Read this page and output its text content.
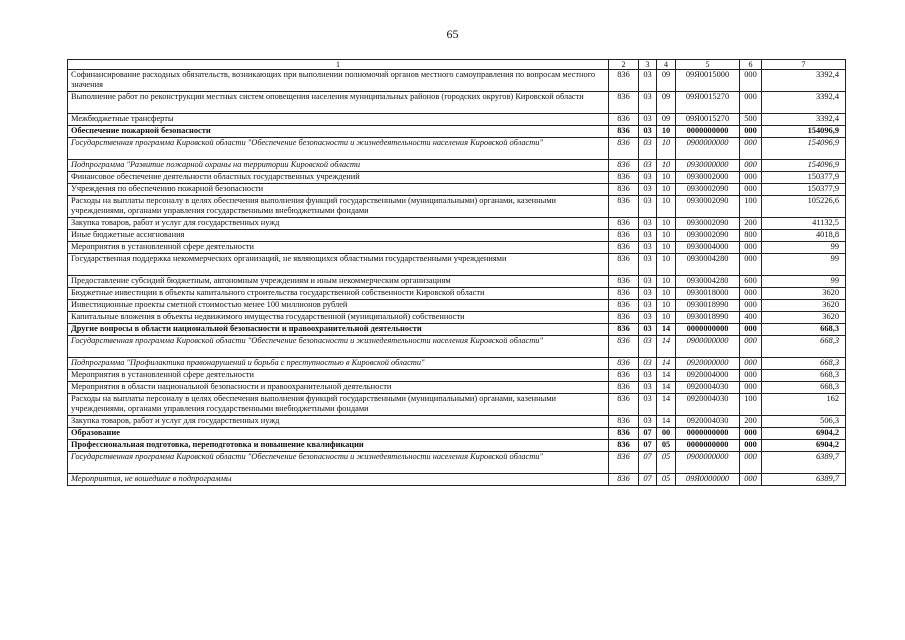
65
1	2	3	4	5	6	7
Софинансирование расходных обязательств, возникающих при выполнении полномочий органов местного самоуправления по вопросам местного значения	836	03	09	09Я0015000	000	3392,4
Выполнение работ по реконструкции местных систем оповещения населения муниципальных районов (городских округов) Кировской области	836	03	09	09Я0015270	000	3392,4
Межбюджетные трансферты	836	03	09	09Я0015270	500	3392,4
Обеспечение пожарной безопасности	836	03	10	0000000000	000	154096,9
Государственная программа Кировской области "Обеспечение безопасности и жизнедеятельности населения Кировской области"	836	03	10	0900000000	000	154096,9
Подпрограмма "Развитие пожарной охраны на территории Кировской области	836	03	10	0930000000	000	154096,9
Финансовое обеспечение деятельности областных государственных учреждений	836	03	10	0930002000	000	150377,9
Учреждения по обеспечению пожарной безопасности	836	03	10	0930002090	000	150377,9
Расходы на выплаты персоналу в целях обеспечения выполнения функций государственными (муниципальными) органами, казенными учреждениями, органами управления государственными внебюджетными фондами	836	03	10	0930002090	100	105226,6
Закупка товаров, работ и услуг для государственных нужд	836	03	10	0930002090	200	41132,5
Иные бюджетные ассигнования	836	03	10	0930002090	800	4018,8
Мероприятия в установленной сфере деятельности	836	03	10	0930004000	000	99
Государственная поддержка некоммерческих организаций, не являющихся областными государственными учреждениями	836	03	10	0930004280	000	99
Предоставление субсидий бюджетным, автономным учреждениям и иным некоммерческим организациям	836	03	10	0930004280	600	99
Бюджетные инвестиции в объекты капитального строительства государственной собственности Кировской области	836	03	10	0930018000	000	3620
Инвестиционные проекты сметной стоимостью менее 100 миллионов рублей	836	03	10	0930018990	000	3620
Капитальные вложения в объекты недвижимого имущества государственной (муниципальной) собственности	836	03	10	0930018990	400	3620
Другие вопросы в области национальной безопасности и правоохранительной деятельности	836	03	14	0000000000	000	668,3
Государственная программа Кировской области "Обеспечение безопасности и жизнедеятельности населения Кировской области"	836	03	14	0900000000	000	668,3
Подпрограмма "Профилактика правонарушений и борьба с преступностью в Кировской области"	836	03	14	0920000000	000	668,3
Мероприятия в установленной сфере деятельности	836	03	14	0920004000	000	668,3
Мероприятия в области национальной безопасности и правоохранительной деятельности	836	03	14	0920004030	000	668,3
Расходы на выплаты персоналу в целях обеспечения выполнения функций государственными (муниципальными) органами, казенными учреждениями, органами управления государственными внебюджетными фондами	836	03	14	0920004030	100	162
Закупка товаров, работ и услуг для государственных нужд	836	03	14	0920004030	200	506,3
Образование	836	07	00	0000000000	000	6904,2
Профессиональная подготовка, переподготовка и повышение квалификации	836	07	05	0000000000	000	6904,2
Государственная программа Кировской области "Обеспечение безопасности и жизнедеятельности населения Кировской области"	836	07	05	0900000000	000	6389,7
Мероприятия, не вошедшие в подпрограммы	836	07	05	09Я0000000	000	6389,7
